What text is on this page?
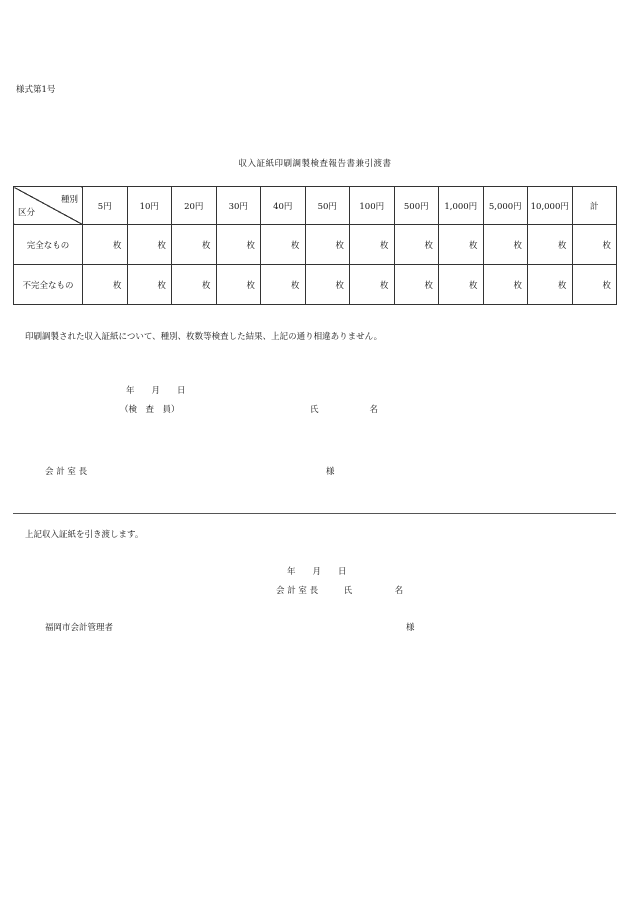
様式第1号
収入証紙印刷調製検査報告書兼引渡書
種別
区分	5円	10円	20円	30円	40円	50円	100円	500円	1,000円	5,000円	10,000円	計
完全なもの	枚	枚	枚	枚	枚	枚	枚	枚	枚	枚	枚	枚
不完全なもの	枚	枚	枚	枚	枚	枚	枚	枚	枚	枚	枚	枚
印刷調製された収入証紙について、種別、枚数等検査した結果、上記の通り相違ありません。
年　　月　　日
（検　査　員）	氏　　　　　　名
会 計 室 長	様
上記収入証紙を引き渡します。
年　　月　　日
会 計 室 長　　　氏　　　　　名
福岡市会計管理者	様
